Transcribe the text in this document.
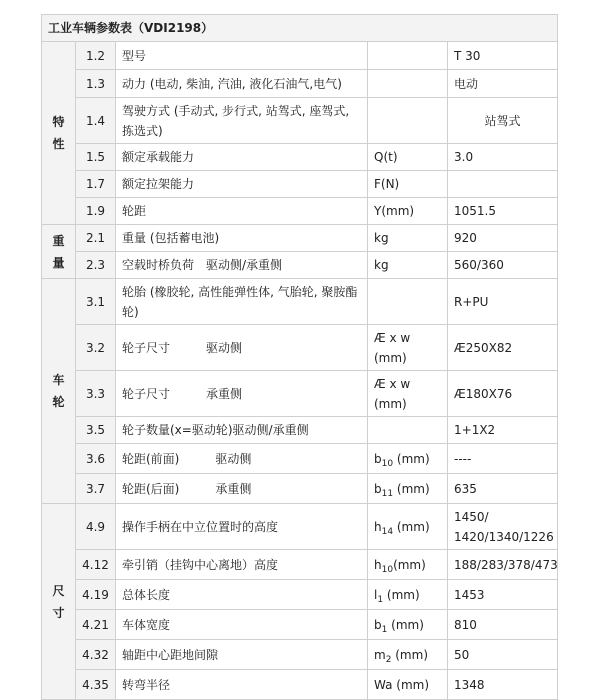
工业车辆参数表（VDI2198）				
特性	1.2	型号		T 30
	1.3	动力 (电动, 柴油, 汽油, 液化石油气,电气)		电动
	1.4	驾驶方式 (手动式, 步行式, 站驾式, 座驾式, 拣选式)		站驾式
	1.5	额定承载能力	Q(t)	3.0
	1.7	额定拉架能力	F(N)	
	1.9	轮距	Y(mm)	1051.5
重量	2.1	重量 (包括蓄电池)	kg	920
	2.3	空载时桥负荷　驱动侧/承重侧	kg	560/360
车轮	3.1	轮胎 (橡胶轮, 高性能弹性体, 气胎轮, 聚胺酯轮)		R+PU
	3.2	轮子尺寸　　　驱动侧	Æ x w (mm)	Æ250X82
	3.3	轮子尺寸　　　承重侧	Æ x w (mm)	Æ180X76
	3.5	轮子数量(x=驱动轮)驱动侧/承重侧		1+1X2
	3.6	轮距(前面)　　　驱动侧	$b_{10}$ (mm)	----
	3.7	轮距(后面)　　　承重侧	$b_{11}$ (mm)	635
尺寸	4.9	操作手柄在中立位置时的高度	$h_{14}$ (mm)	1450/ 1420/1340/1226
	4.12	牵引销（挂钩中心离地）高度	$h_{10}(mm)$	188/283/378/473
	4.19	总体长度	$l_1$ (mm)	1453
	4.21	车体宽度	$b_1$ (mm)	810
	4.32	轴距中心距地间隙	$m_2$ (mm)	50
	4.35	转弯半径	Wa (mm)	1348
